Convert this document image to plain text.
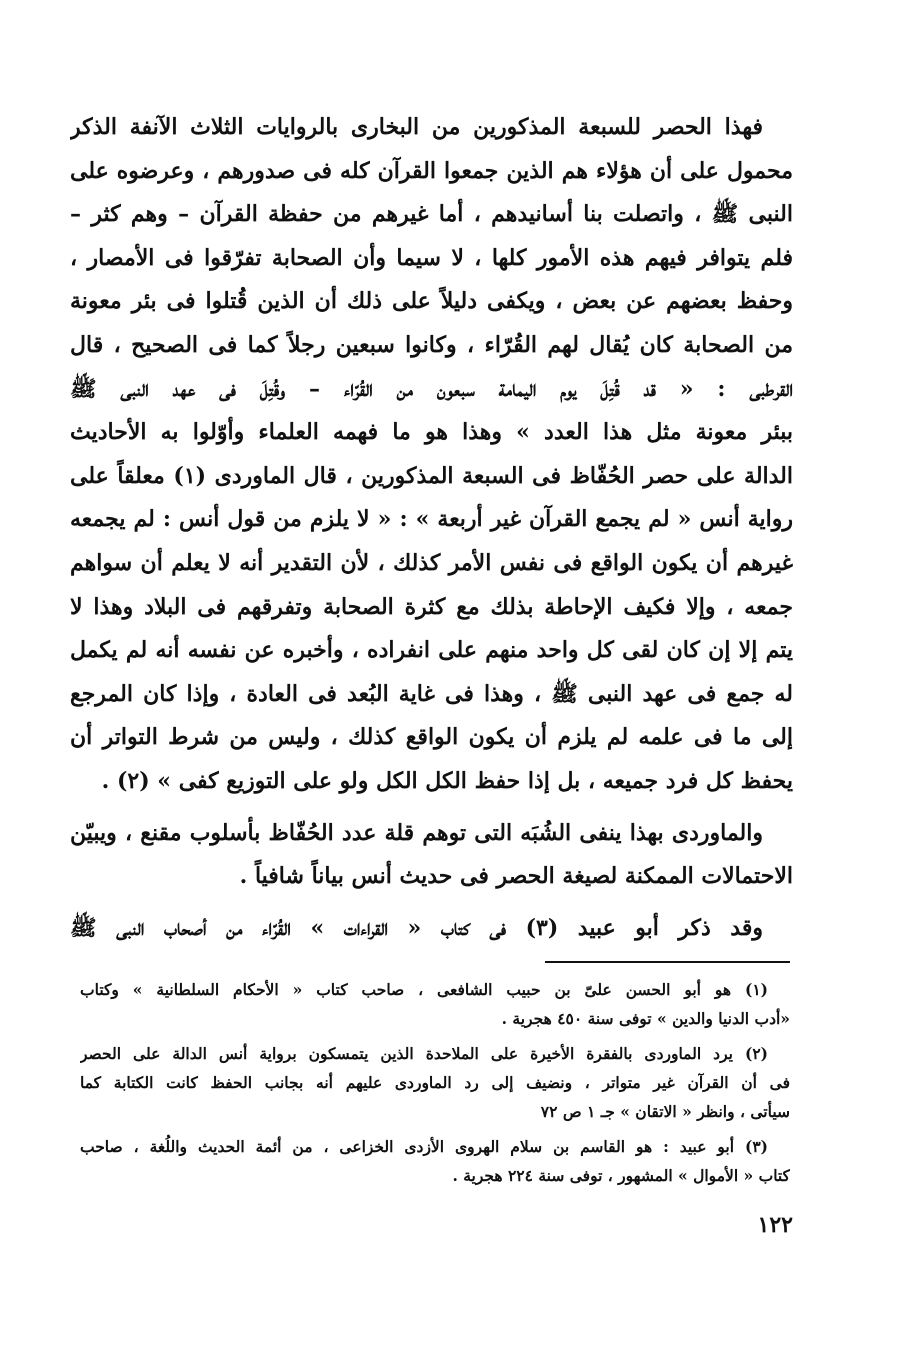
فهذا الحصر للسبعة المذكورين من البخارى بالروايات الثلاث الآنفة الذكر
محمول على أن هؤلاء هم الذين جمعوا القرآن كله فى صدورهم ، وعرضوه على
النبى ﷺ ، واتصلت بنا أسانيدهم ، أما غيرهم من حفظة القرآن – وهم كثر –
فلم يتوافر فيهم هذه الأمور كلها ، لا سيما وأن الصحابة تفرّقوا فى الأمصار ،
وحفظ بعضهم عن بعض ، ويكفى دليلاً على ذلك أن الذين قُتلوا فى بئر معونة
من الصحابة كان يُقال لهم القُرّاء ، وكانوا سبعين رجلاً كما فى الصحيح ، قال
القرطبى : « قد قُتِلَ يوم اليمامة سبعون من القُرّاء – وقُتِلَ فى عهد النبى ﷺ
ببئر معونة مثل هذا العدد » وهذا هو ما فهمه العلماء وأوّلوا به الأحاديث
الدالة على حصر الحُفّاظ فى السبعة المذكورين ، قال الماوردى (١) معلقاً على
رواية أنس « لم يجمع القرآن غير أربعة » : « لا يلزم من قول أنس : لم يجمعه
غيرهم أن يكون الواقع فى نفس الأمر كذلك ، لأن التقدير أنه لا يعلم أن سواهم
جمعه ، وإلا فكيف الإحاطة بذلك مع كثرة الصحابة وتفرقهم فى البلاد وهذا لا
يتم إلا إن كان لقى كل واحد منهم على انفراده ، وأخبره عن نفسه أنه لم يكمل
له جمع فى عهد النبى ﷺ ، وهذا فى غاية البُعد فى العادة ، وإذا كان المرجع
إلى ما فى علمه لم يلزم أن يكون الواقع كذلك ، وليس من شرط التواتر أن
يحفظ كل فرد جميعه ، بل إذا حفظ الكل الكل ولو على التوزيع كفى » (٢) .
والماوردى بهذا ينفى الشُبَه التى توهم قلة عدد الحُفّاظ بأسلوب مقنع ، ويبيّن
الاحتمالات الممكنة لصيغة الحصر فى حديث أنس بياناً شافياً .
وقد ذكر أبو عبيد (٣) فى كتاب « القراءات » القُرّاء من أصحاب النبى ﷺ
(١) هو أبو الحسن علىّ بن حبيب الشافعى ، صاحب كتاب « الأحكام السلطانية » وكتاب
«أدب الدنيا والدين » توفى سنة ٤٥٠ هجرية .
(٢) يرد الماوردى بالفقرة الأخيرة على الملاحدة الذين يتمسكون برواية أنس الدالة على الحصر
فى أن القرآن غير متواتر ، ونضيف إلى رد الماوردى عليهم أنه بجانب الحفظ كانت الكتابة كما
سيأتى ، وانظر « الاتقان » جـ ١ ص ٧٢
(٣) أبو عبيد : هو القاسم بن سلام الهروى الأزدى الخزاعى ، من أئمة الحديث واللُغة ، صاحب
كتاب « الأموال » المشهور ، توفى سنة ٢٢٤ هجرية .
١٢٢
